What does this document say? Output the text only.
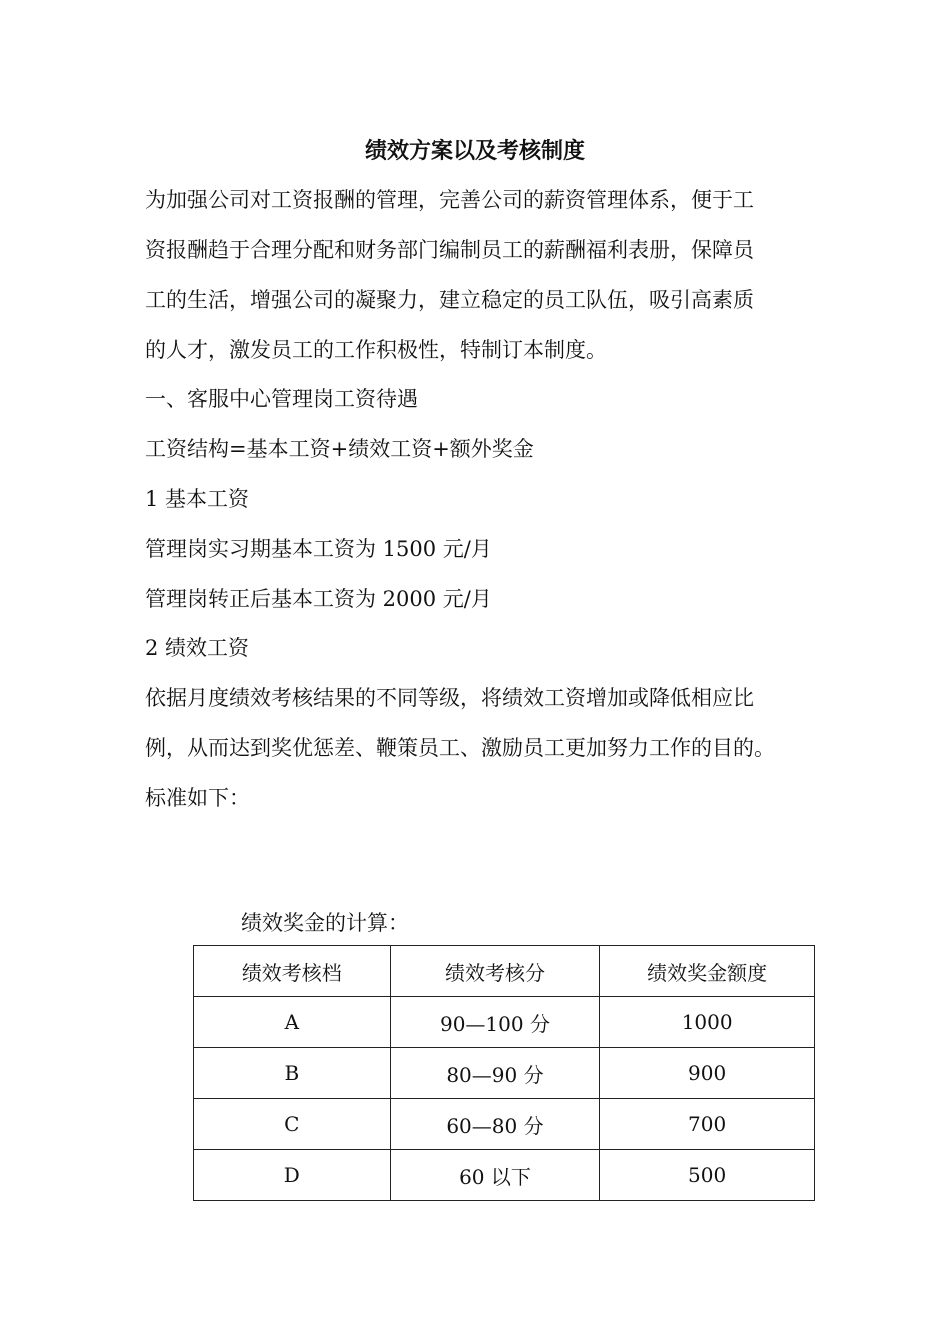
绩效方案以及考核制度
为加强公司对工资报酬的管理，完善公司的薪资管理体系，便于工
资报酬趋于合理分配和财务部门编制员工的薪酬福利表册，保障员
工的生活，增强公司的凝聚力，建立稳定的员工队伍，吸引高素质
的人才，激发员工的工作积极性，特制订本制度。
一、客服中心管理岗工资待遇
工资结构=基本工资+绩效工资+额外奖金
1 基本工资
管理岗实习期基本工资为 1500 元/月
管理岗转正后基本工资为 2000 元/月
2 绩效工资
依据月度绩效考核结果的不同等级，将绩效工资增加或降低相应比
例，从而达到奖优惩差、鞭策员工、激励员工更加努力工作的目的。
标准如下：
绩效奖金的计算：
绩效考核档	绩效考核分	绩效奖金额度
A	90—100 分	1000
B	80—90 分	900
C	60—80 分	700
D	60 以下	500
